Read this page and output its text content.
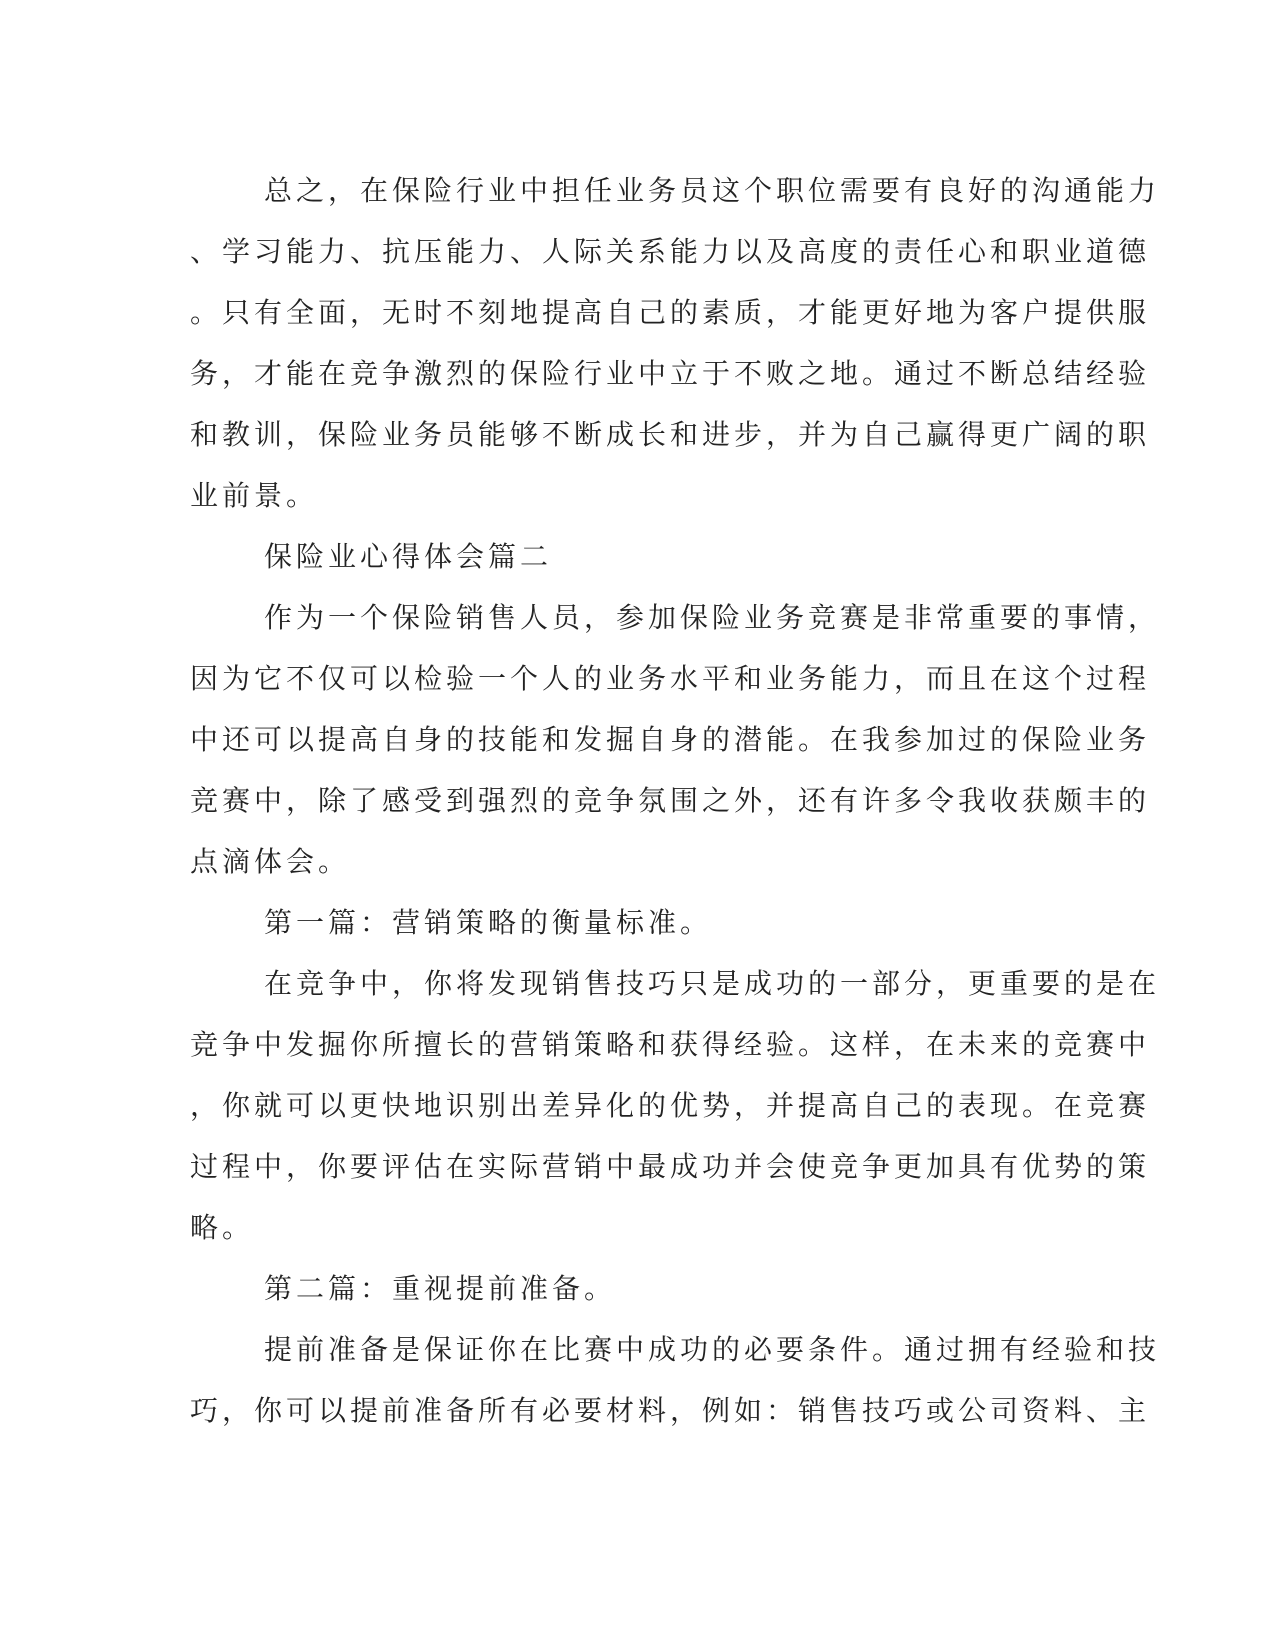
总之，在保险行业中担任业务员这个职位需要有良好的沟通能力
、学习能力、抗压能力、人际关系能力以及高度的责任心和职业道德
。只有全面，无时不刻地提高自己的素质，才能更好地为客户提供服
务，才能在竞争激烈的保险行业中立于不败之地。通过不断总结经验
和教训，保险业务员能够不断成长和进步，并为自己赢得更广阔的职
业前景。
保险业心得体会篇二
作为一个保险销售人员，参加保险业务竞赛是非常重要的事情，
因为它不仅可以检验一个人的业务水平和业务能力，而且在这个过程
中还可以提高自身的技能和发掘自身的潜能。在我参加过的保险业务
竞赛中，除了感受到强烈的竞争氛围之外，还有许多令我收获颇丰的
点滴体会。
第一篇：营销策略的衡量标准。
在竞争中，你将发现销售技巧只是成功的一部分，更重要的是在
竞争中发掘你所擅长的营销策略和获得经验。这样，在未来的竞赛中
，你就可以更快地识别出差异化的优势，并提高自己的表现。在竞赛
过程中，你要评估在实际营销中最成功并会使竞争更加具有优势的策
略。
第二篇：重视提前准备。
提前准备是保证你在比赛中成功的必要条件。通过拥有经验和技
巧，你可以提前准备所有必要材料，例如：销售技巧或公司资料、主
